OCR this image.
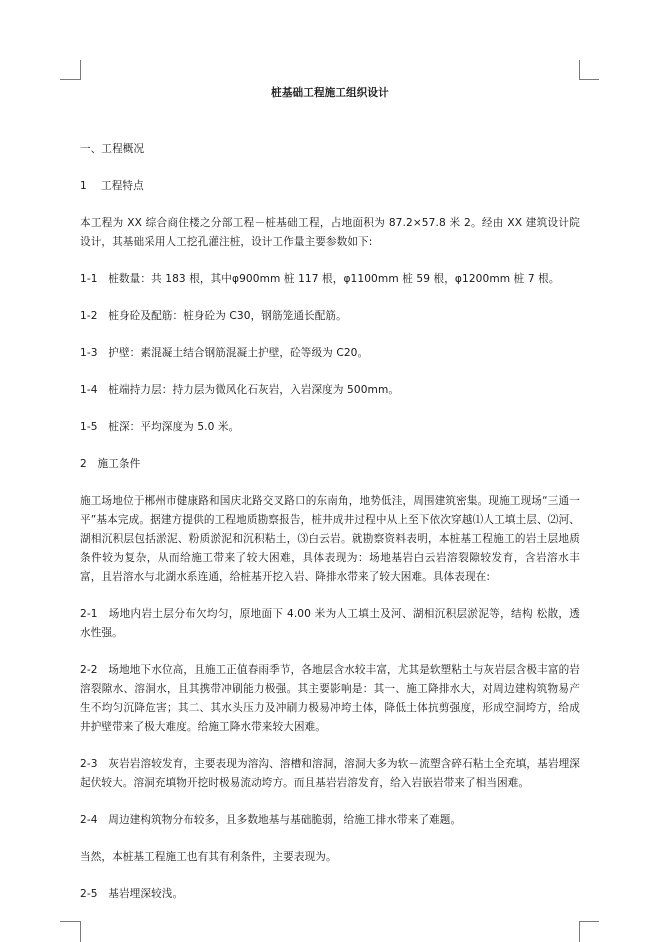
桩基础工程施工组织设计
一、工程概况
1　 工程特点
本工程为 XX 综合商住楼之分部工程－桩基础工程，占地面积为 87.2×57.8 米 2。经由 XX 建筑设计院设计，其基础采用人工挖孔灌注桩，设计工作量主要参数如下:
1-1　桩数量：共 183 根，其中φ900mm 桩 117 根，φ1100mm 桩 59 根，φ1200mm 桩 7 根。
1-2　桩身砼及配筋：桩身砼为 C30，钢筋笼通长配筋。
1-3　护壁：素混凝土结合钢筋混凝土护壁，砼等级为 C20。
1-4　桩端持力层：持力层为微风化石灰岩，入岩深度为 500mm。
1-5　桩深：平均深度为 5.0 米。
2　施工条件
施工场地位于郴州市健康路和国庆北路交叉路口的东南角，地势低洼，周围建筑密集。现施工现场“三通一平”基本完成。据建方提供的工程地质勘察报告，桩井成井过程中从上至下依次穿越⑴人工填土层、⑵河、湖相沉积层包括淤泥、粉质淤泥和沉积粘土，⑶白云岩。就勘察资料表明，本桩基工程施工的岩土层地质条件较为复杂，从而给施工带来了较大困难，具体表现为：场地基岩白云岩溶裂隙较发育，含岩溶水丰富，且岩溶水与北湖水系连通，给桩基开挖入岩、降排水带来了较大困难。具体表现在:
2-1　场地内岩土层分布欠均匀，原地面下 4.00 米为人工填土及河、湖相沉积层淤泥等，结构 松散，透水性强。
2-2　场地地下水位高，且施工正值春雨季节，各地层含水较丰富，尤其是软塑粘土与灰岩层含极丰富的岩溶裂隙水、溶洞水，且其携带冲刷能力极强。其主要影响是：其一、施工降排水大，对周边建构筑物易产生不均匀沉降危害；其二、其水头压力及冲刷力极易冲垮土体，降低土体抗剪强度，形成空洞垮方，给成井护壁带来了极大难度。给施工降水带来较大困难。
2-3　灰岩岩溶较发育，主要表现为溶沟、溶槽和溶洞，溶洞大多为软－流塑含碎石粘土全充填，基岩埋深起伏较大。溶洞充填物开挖时极易流动垮方。而且基岩岩溶发育，给入岩嵌岩带来了相当困难。
2-4　周边建构筑物分布较多，且多数地基与基础脆弱，给施工排水带来了难题。
当然，本桩基工程施工也有其有利条件，主要表现为。
2-5　基岩埋深较浅。
